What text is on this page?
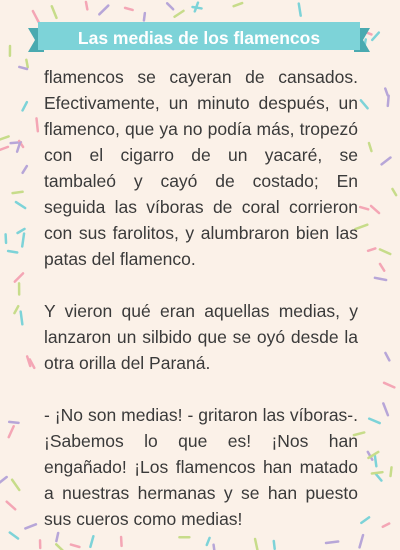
Las medias de los flamencos

flamencos se cayeran de cansados. Efectivamente, un minuto después, un flamenco, que ya no podía más, tropezó con el cigarro de un yacaré, se tambaleó y cayó de costado; En seguida las víboras de coral corrieron con sus farolitos, y alumbraron bien las patas del flamenco.

Y vieron qué eran aquellas medias, y lanzaron un silbido que se oyó desde la otra orilla del Paraná.

- ¡No son medias! - gritaron las víboras-. ¡Sabemos lo que es! ¡Nos han engañado! ¡Los flamencos han matado a nuestras hermanas y se han puesto sus cueros como medias!
